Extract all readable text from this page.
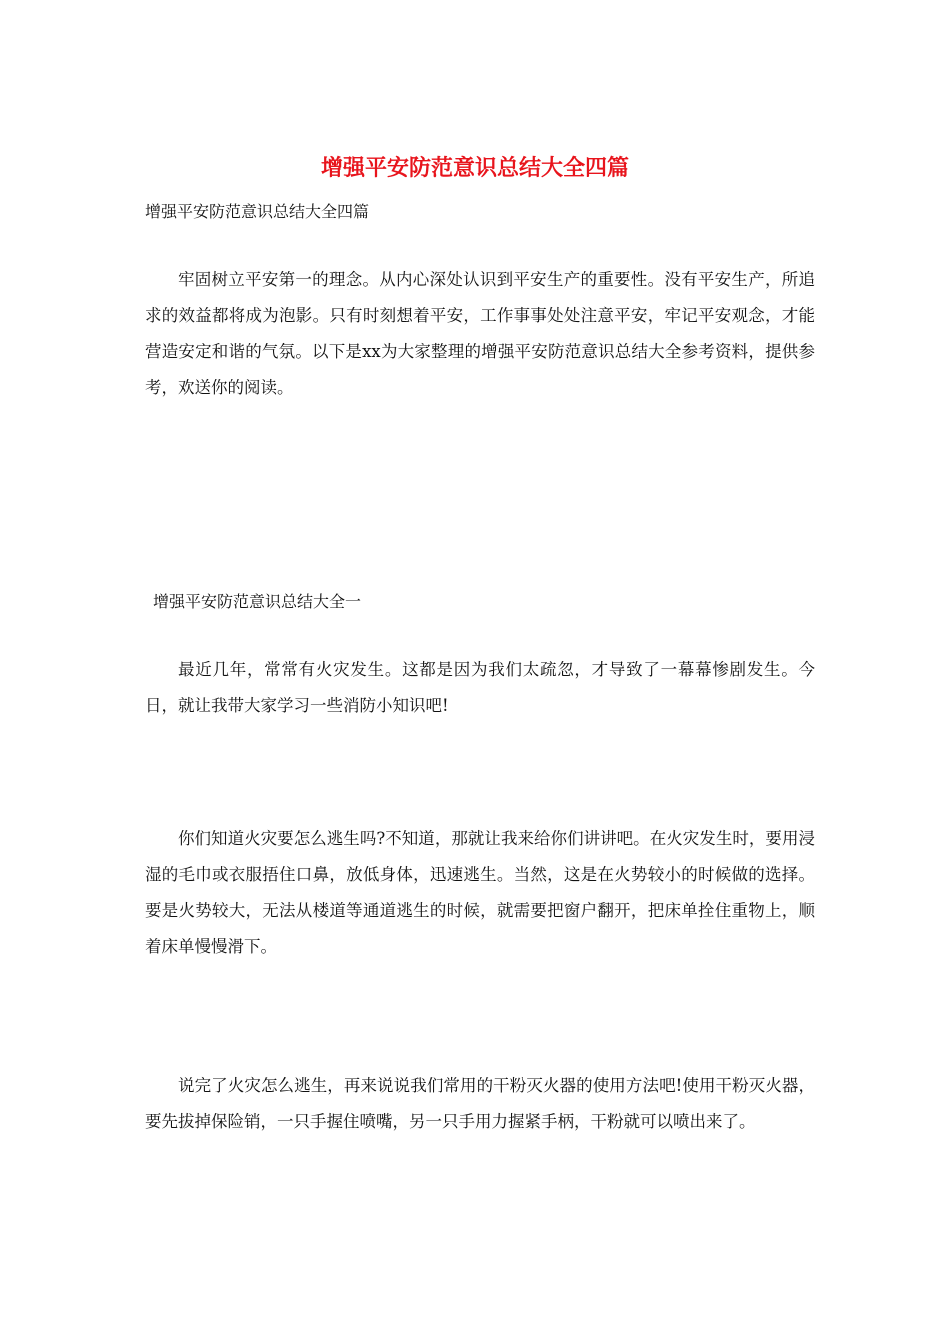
增强平安防范意识总结大全四篇

增强平安防范意识总结大全四篇

牢固树立平安第一的理念。从内心深处认识到平安生产的重要性。没有平安生产，所追求的效益都将成为泡影。只有时刻想着平安，工作事事处处注意平安，牢记平安观念，才能营造安定和谐的气氛。以下是xx为大家整理的增强平安防范意识总结大全参考资料，提供参考，欢送你的阅读。

增强平安防范意识总结大全一

最近几年，常常有火灾发生。这都是因为我们太疏忽，才导致了一幕幕惨剧发生。今日，就让我带大家学习一些消防小知识吧!

你们知道火灾要怎么逃生吗?不知道，那就让我来给你们讲讲吧。在火灾发生时，要用浸湿的毛巾或衣服捂住口鼻，放低身体，迅速逃生。当然，这是在火势较小的时候做的选择。要是火势较大，无法从楼道等通道逃生的时候，就需要把窗户翻开，把床单拴住重物上，顺着床单慢慢滑下。

说完了火灾怎么逃生，再来说说我们常用的干粉灭火器的使用方法吧!使用干粉灭火器，要先拔掉保险销，一只手握住喷嘴，另一只手用力握紧手柄，干粉就可以喷出来了。
